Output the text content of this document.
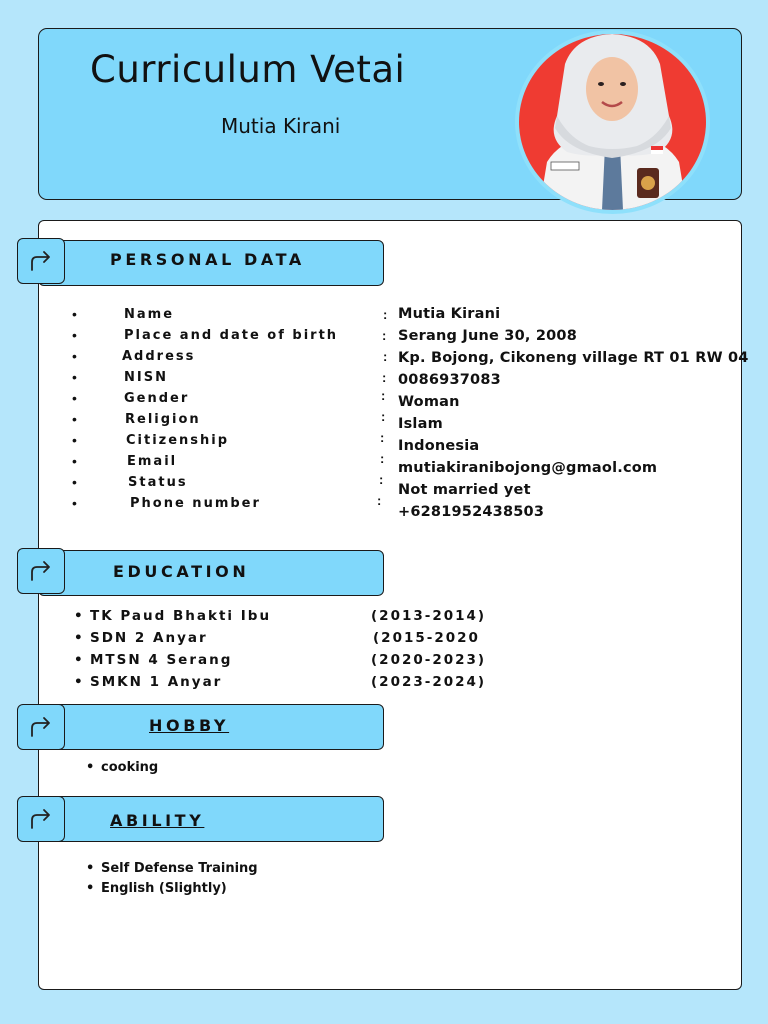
Curriculum Vetai
Mutia Kirani
PERSONAL DATA
•	Name	: Mutia Kirani
•	Place and date of birth	: Serang June 30, 2008
•	Address	: Kp. Bojong, Cikoneng village RT 01 RW 04
•	NISN	: 0086937083
•	Gender	: Woman
•	Religion	: Islam
•	Citizenship	:
Indonesia
•	Email	:
mutiakiranibojong@gmaol.com
•	Status	:
Not married yet
•	Phone number	:
+6281952438503
EDUCATION
• TK Paud Bhakti Ibu	(2013-2014)
• SDN 2 Anyar	(2015-2020
• MTSN 4 Serang	(2020-2023)
• SMKN 1 Anyar	(2023-2024)
HOBBY
• cooking
ABILITY
• Self Defense Training
• English (Slightly)
